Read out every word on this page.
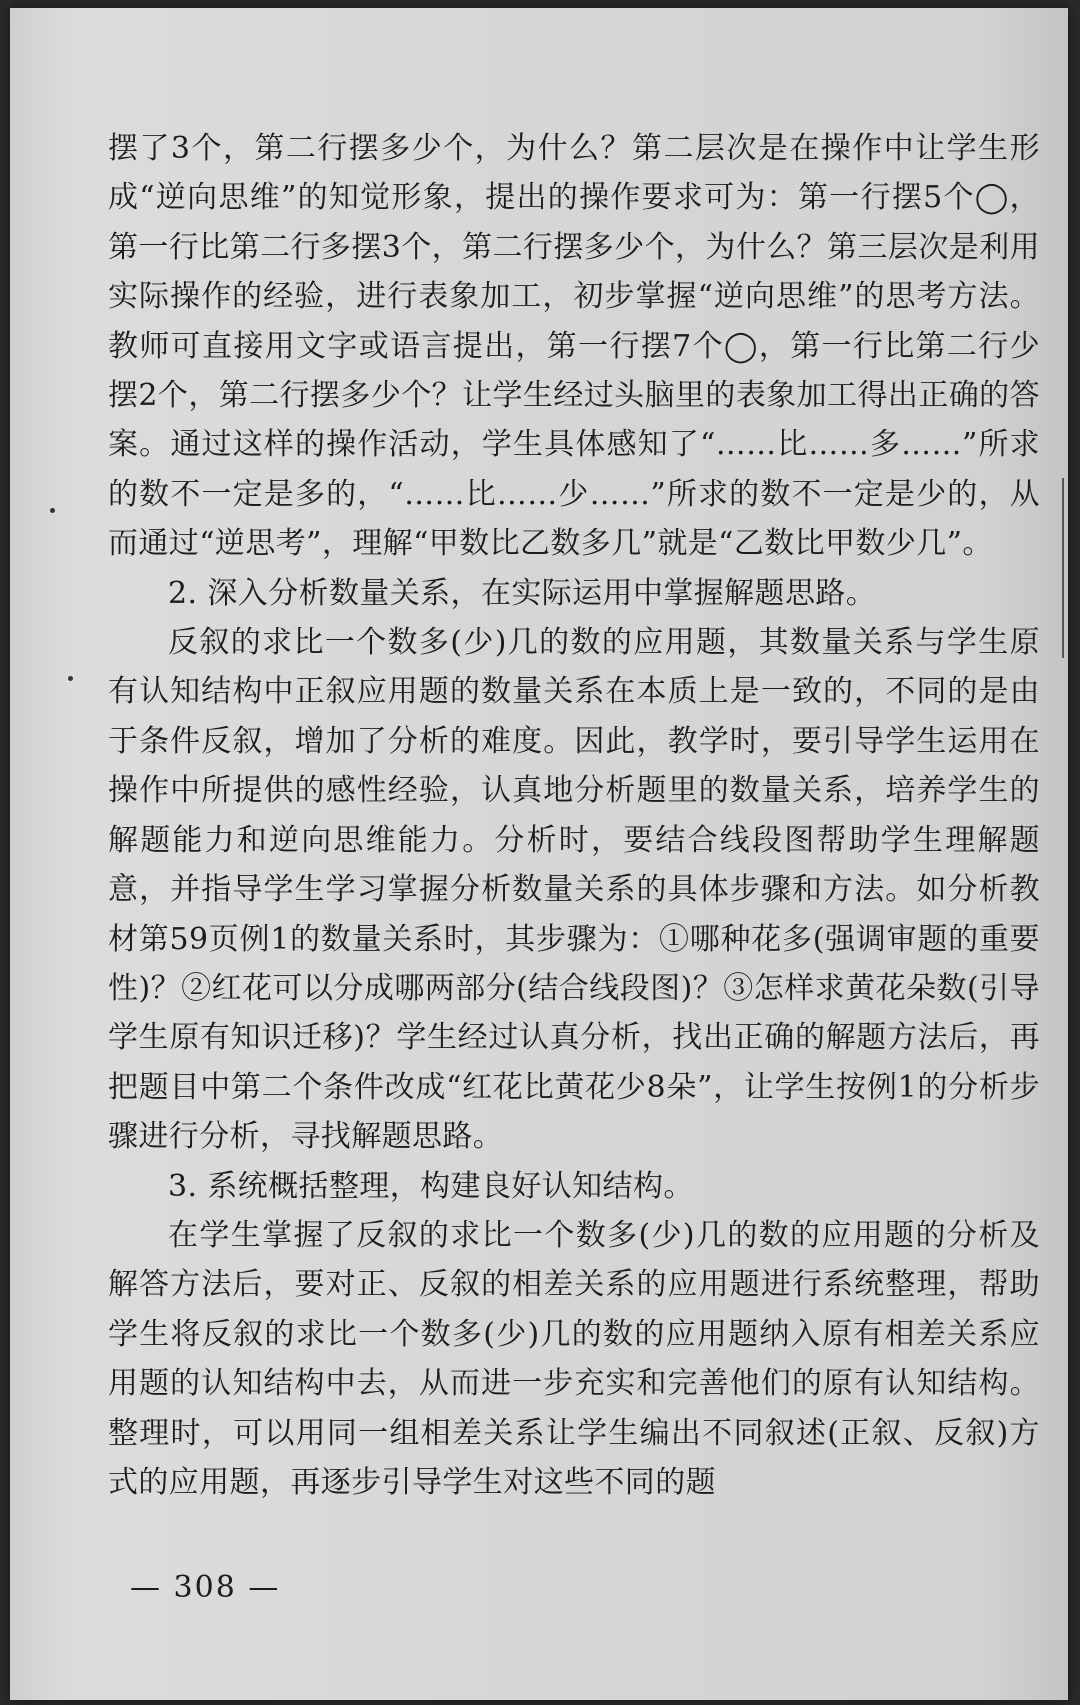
摆了3个，第二行摆多少个，为什么？第二层次是在操作中让学生形成“逆向思维”的知觉形象，提出的操作要求可为：第一行摆5个◯，第一行比第二行多摆3个，第二行摆多少个，为什么？第三层次是利用实际操作的经验，进行表象加工，初步掌握“逆向思维”的思考方法。教师可直接用文字或语言提出，第一行摆7个◯，第一行比第二行少摆2个，第二行摆多少个？让学生经过头脑里的表象加工得出正确的答案。通过这样的操作活动，学生具体感知了“……比……多……”所求的数不一定是多的，“……比……少……”所求的数不一定是少的，从而通过“逆思考”，理解“甲数比乙数多几”就是“乙数比甲数少几”。

2. 深入分析数量关系，在实际运用中掌握解题思路。

反叙的求比一个数多(少)几的数的应用题，其数量关系与学生原有认知结构中正叙应用题的数量关系在本质上是一致的，不同的是由于条件反叙，增加了分析的难度。因此，教学时，要引导学生运用在操作中所提供的感性经验，认真地分析题里的数量关系，培养学生的解题能力和逆向思维能力。分析时，要结合线段图帮助学生理解题意，并指导学生学习掌握分析数量关系的具体步骤和方法。如分析教材第59页例1的数量关系时，其步骤为：①哪种花多(强调审题的重要性)？②红花可以分成哪两部分(结合线段图)？③怎样求黄花朵数(引导学生原有知识迁移)？学生经过认真分析，找出正确的解题方法后，再把题目中第二个条件改成“红花比黄花少8朵”，让学生按例1的分析步骤进行分析，寻找解题思路。

3. 系统概括整理，构建良好认知结构。

在学生掌握了反叙的求比一个数多(少)几的数的应用题的分析及解答方法后，要对正、反叙的相差关系的应用题进行系统整理，帮助学生将反叙的求比一个数多(少)几的数的应用题纳入原有相差关系应用题的认知结构中去，从而进一步充实和完善他们的原有认知结构。整理时，可以用同一组相差关系让学生编出不同叙述(正叙、反叙)方式的应用题，再逐步引导学生对这些不同的题

— 308 —
